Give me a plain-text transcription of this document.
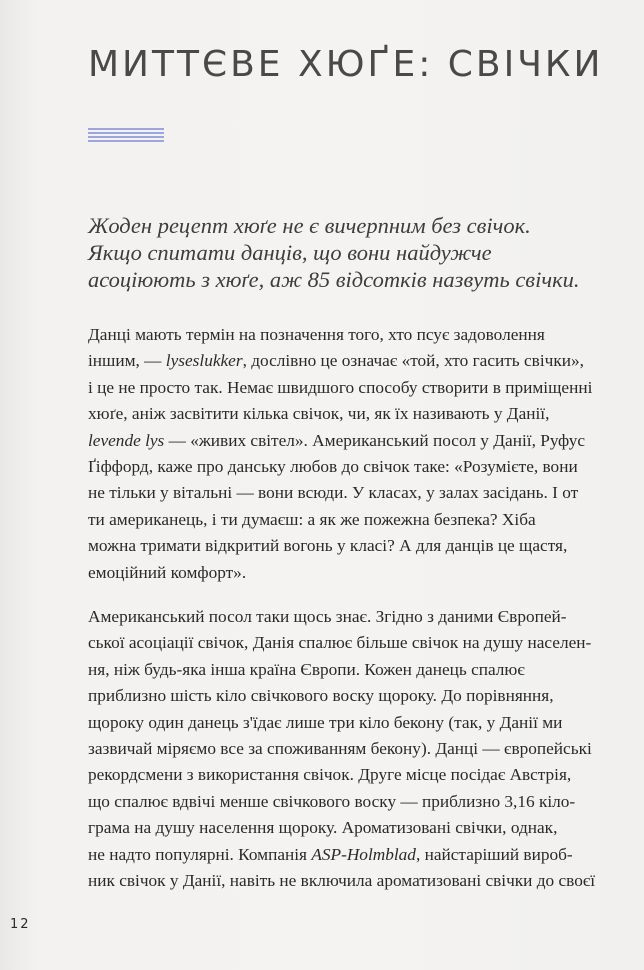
МИТТЄВЕ ХЮҐЕ: СВІЧКИ

Жоден рецепт хюґе не є вичерпним без свічок.
Якщо спитати данців, що вони найдужче
асоціюють з хюґе, аж 85 відсотків назвуть свічки.

Данці мають термін на позначення того, хто псує задоволення
іншим, — lyseslukker, дослівно це означає «той, хто гасить свічки»,
і це не просто так. Немає швидшого способу створити в приміщенні
хюґе, аніж засвітити кілька свічок, чи, як їх називають у Данії,
levende lys — «живих світел». Американський посол у Данії, Руфус
Ґіффорд, каже про данську любов до свічок таке: «Розумієте, вони
не тільки у вітальні — вони всюди. У класах, у залах засідань. І от
ти американець, і ти думаєш: а як же пожежна безпека? Хіба
можна тримати відкритий вогонь у класі? А для данців це щастя,
емоційний комфорт».

Американський посол таки щось знає. Згідно з даними Європей-
ської асоціації свічок, Данія спалює більше свічок на душу населен-
ня, ніж будь-яка інша країна Європи. Кожен данець спалює
приблизно шість кіло свічкового воску щороку. До порівняння,
щороку один данець з'їдає лише три кіло бекону (так, у Данії ми
зазвичай міряємо все за споживанням бекону). Данці — європейські
рекордсмени з використання свічок. Друге місце посідає Австрія,
що спалює вдвічі менше свічкового воску — приблизно 3,16 кіло-
грама на душу населення щороку. Ароматизовані свічки, однак,
не надто популярні. Компанія ASP-Holmblad, найстаріший вироб-
ник свічок у Данії, навіть не включила ароматизовані свічки до своєї

12
